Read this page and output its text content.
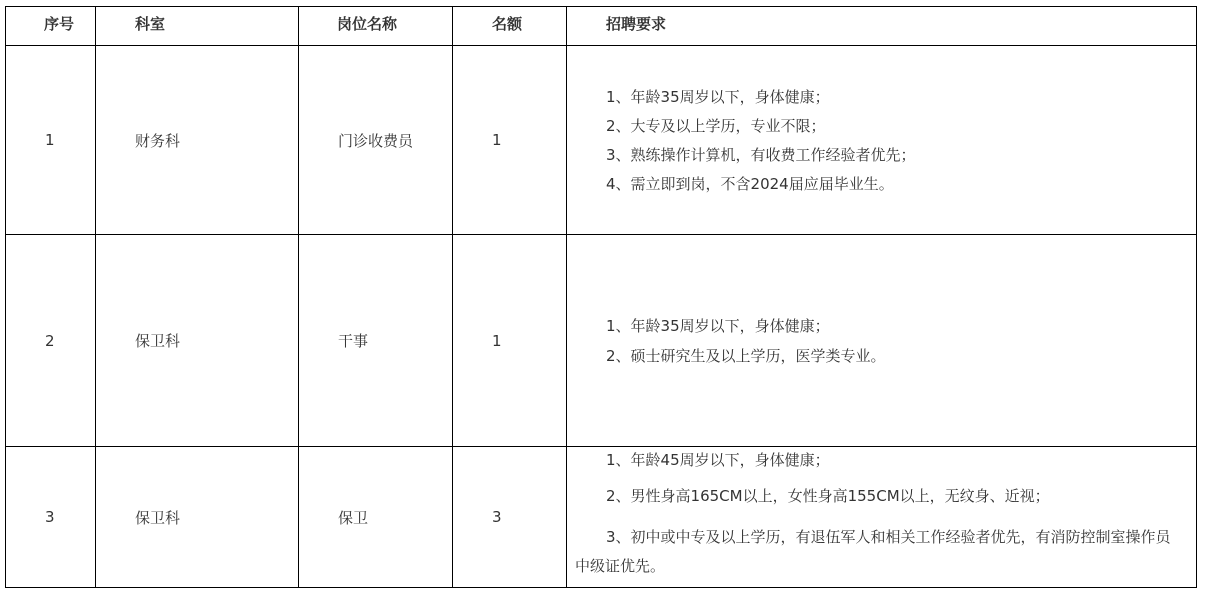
序号	科室	岗位名称	名额	招聘要求

1	财务科	门诊收费员	1	1、年龄35周岁以下，身体健康；
2、大专及以上学历，专业不限；
3、熟练操作计算机，有收费工作经验者优先；
4、需立即到岗，不含2024届应届毕业生。

2	保卫科	干事	1	1、年龄35周岁以下，身体健康；
2、硕士研究生及以上学历，医学类专业。

3	保卫科	保卫	3	1、年龄45周岁以下，身体健康；
2、男性身高165CM以上，女性身高155CM以上，无纹身、近视；
3、初中或中专及以上学历，有退伍军人和相关工作经验者优先，有消防控制室操作员中级证优先。
